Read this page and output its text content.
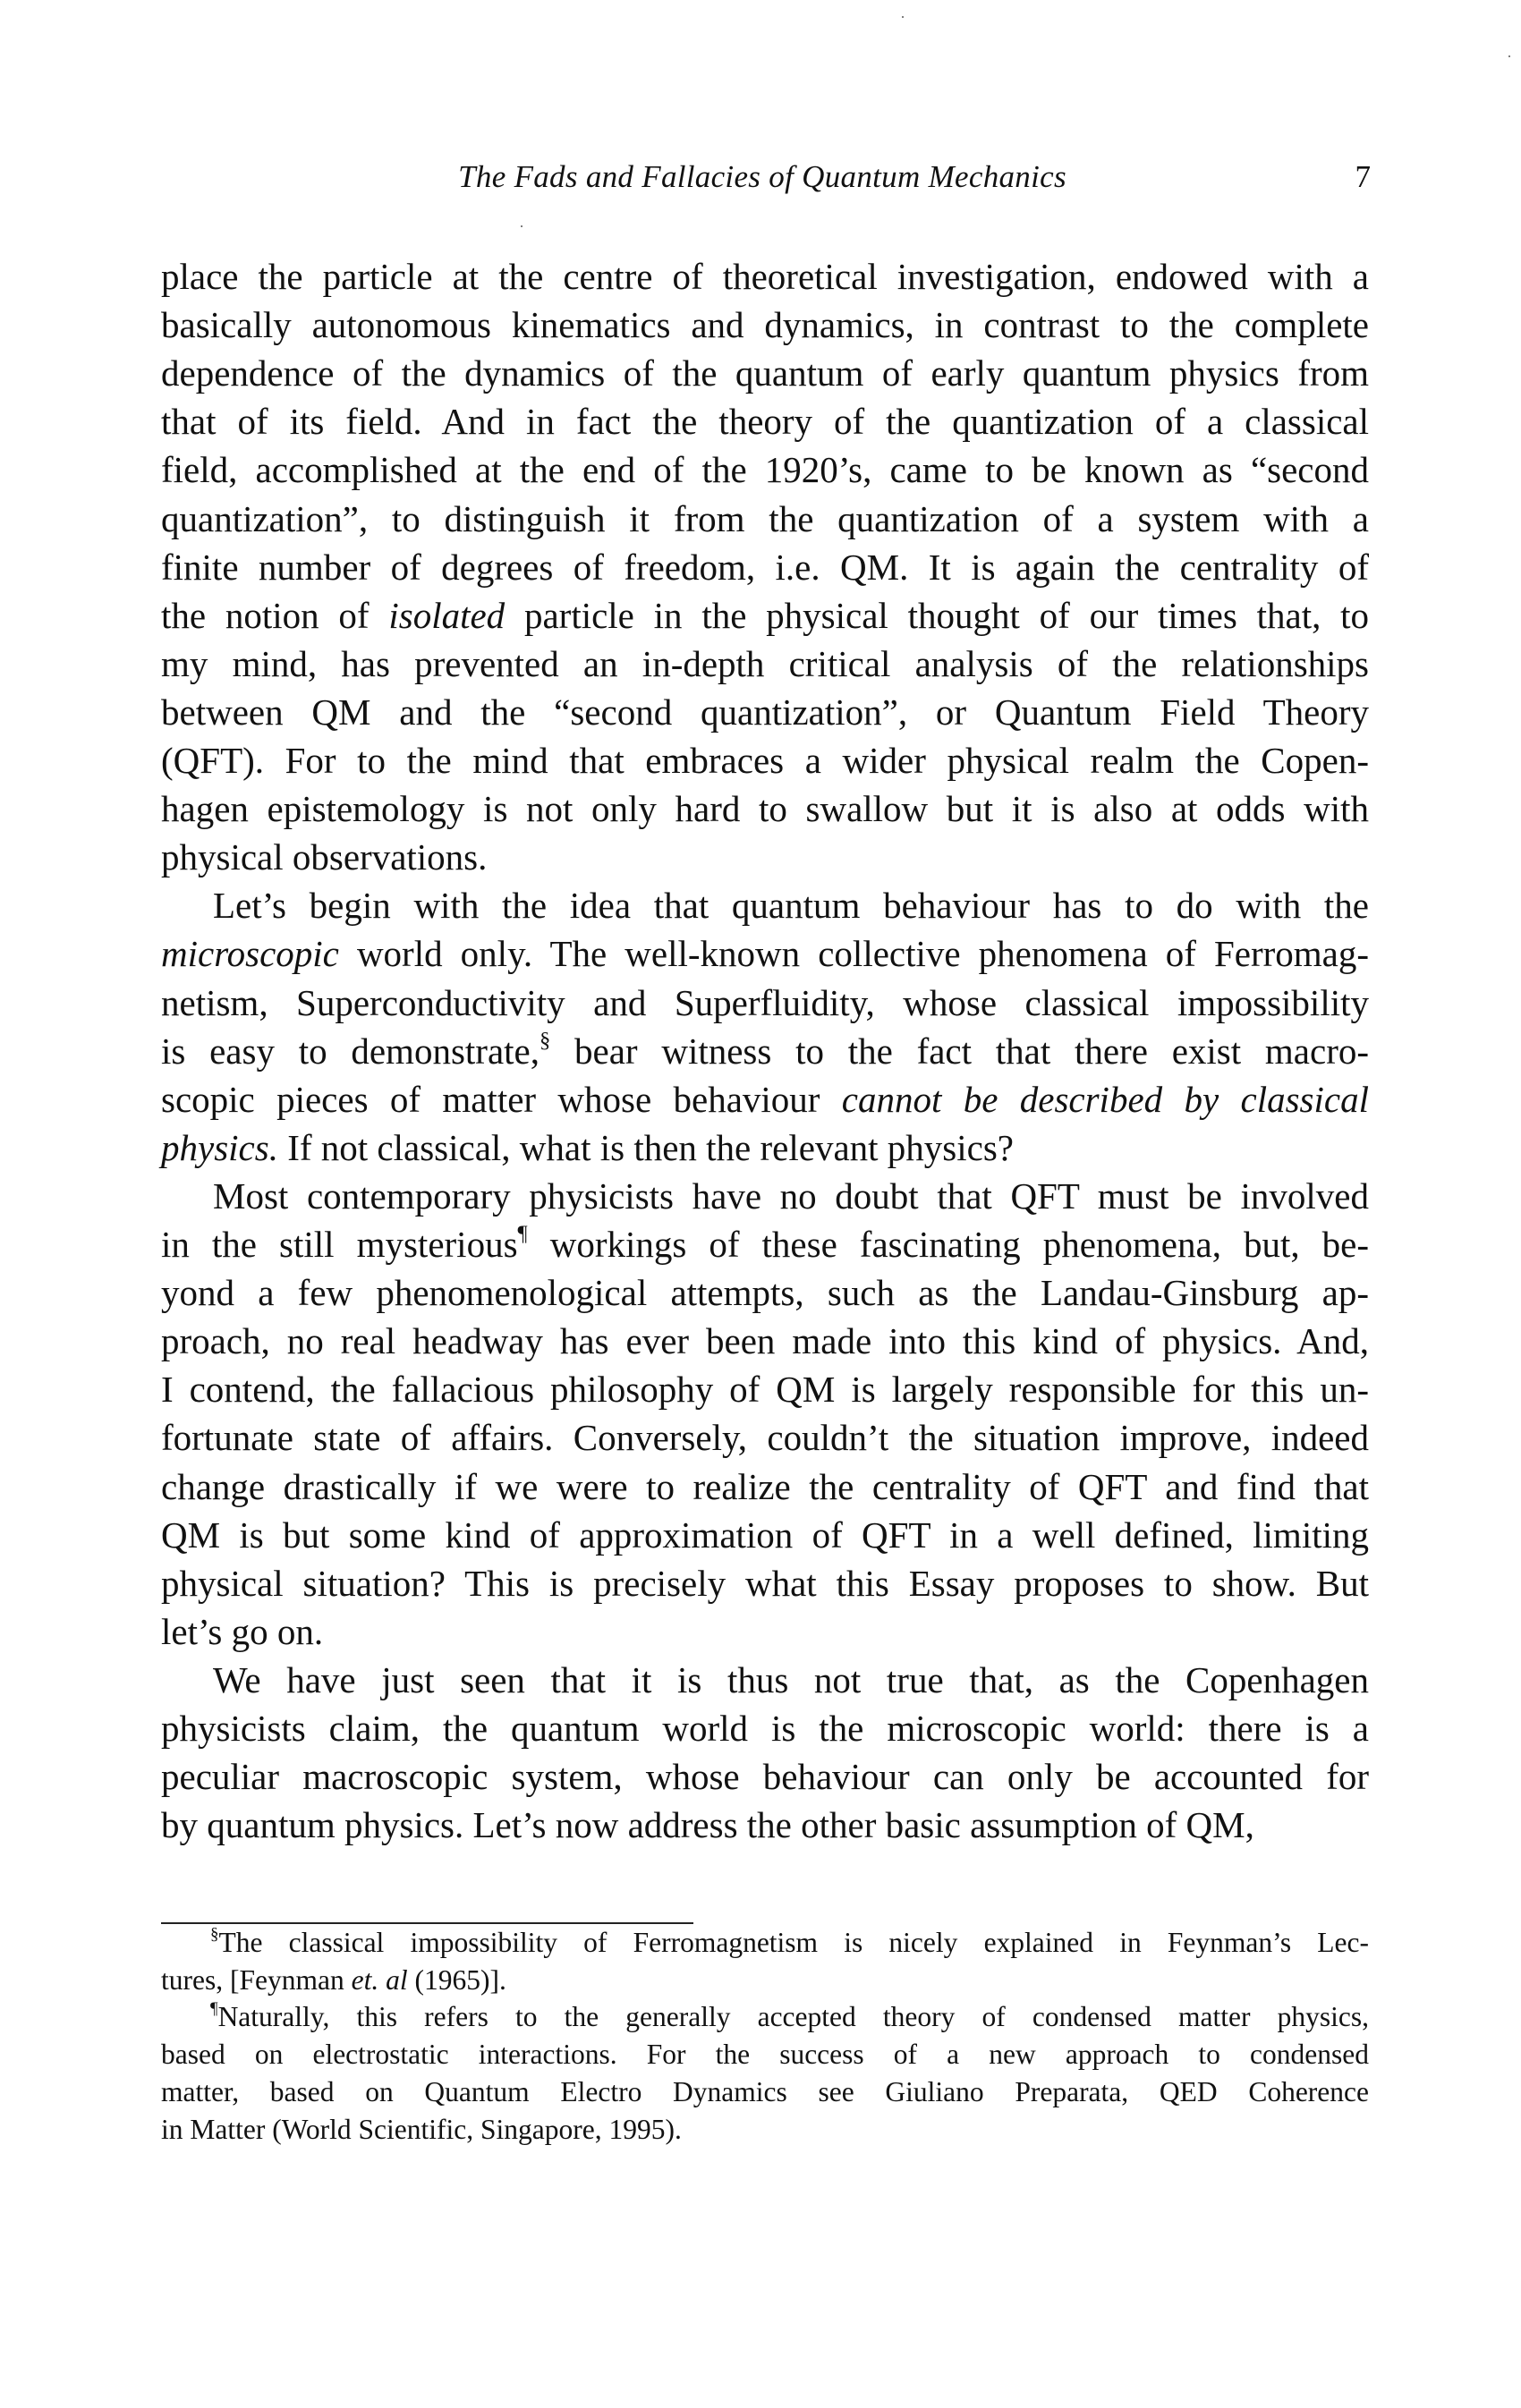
The Fads and Fallacies of Quantum Mechanics	7
place the particle at the centre of theoretical investigation, endowed with a
basically autonomous kinematics and dynamics, in contrast to the complete
dependence of the dynamics of the quantum of early quantum physics from
that of its field. And in fact the theory of the quantization of a classical
field, accomplished at the end of the 1920’s, came to be known as “second
quantization”, to distinguish it from the quantization of a system with a
finite number of degrees of freedom, i.e. QM. It is again the centrality of
the notion of isolated particle in the physical thought of our times that, to
my mind, has prevented an in-depth critical analysis of the relationships
between QM and the “second quantization”, or Quantum Field Theory
(QFT). For to the mind that embraces a wider physical realm the Copen-
hagen epistemology is not only hard to swallow but it is also at odds with
physical observations.
Let’s begin with the idea that quantum behaviour has to do with the
microscopic world only. The well-known collective phenomena of Ferromag-
netism, Superconductivity and Superfluidity, whose classical impossibility
is easy to demonstrate,§ bear witness to the fact that there exist macro-
scopic pieces of matter whose behaviour cannot be described by classical
physics. If not classical, what is then the relevant physics?
Most contemporary physicists have no doubt that QFT must be involved
in the still mysterious¶ workings of these fascinating phenomena, but, be-
yond a few phenomenological attempts, such as the Landau-Ginsburg ap-
proach, no real headway has ever been made into this kind of physics. And,
I contend, the fallacious philosophy of QM is largely responsible for this un-
fortunate state of affairs. Conversely, couldn’t the situation improve, indeed
change drastically if we were to realize the centrality of QFT and find that
QM is but some kind of approximation of QFT in a well defined, limiting
physical situation? This is precisely what this Essay proposes to show. But
let’s go on.
We have just seen that it is thus not true that, as the Copenhagen
physicists claim, the quantum world is the microscopic world: there is a
peculiar macroscopic system, whose behaviour can only be accounted for
by quantum physics. Let’s now address the other basic assumption of QM,
§The classical impossibility of Ferromagnetism is nicely explained in Feynman’s Lec-
tures, [Feynman et. al (1965)].
¶Naturally, this refers to the generally accepted theory of condensed matter physics,
based on electrostatic interactions. For the success of a new approach to condensed
matter, based on Quantum Electro Dynamics see Giuliano Preparata, QED Coherence
in Matter (World Scientific, Singapore, 1995).
